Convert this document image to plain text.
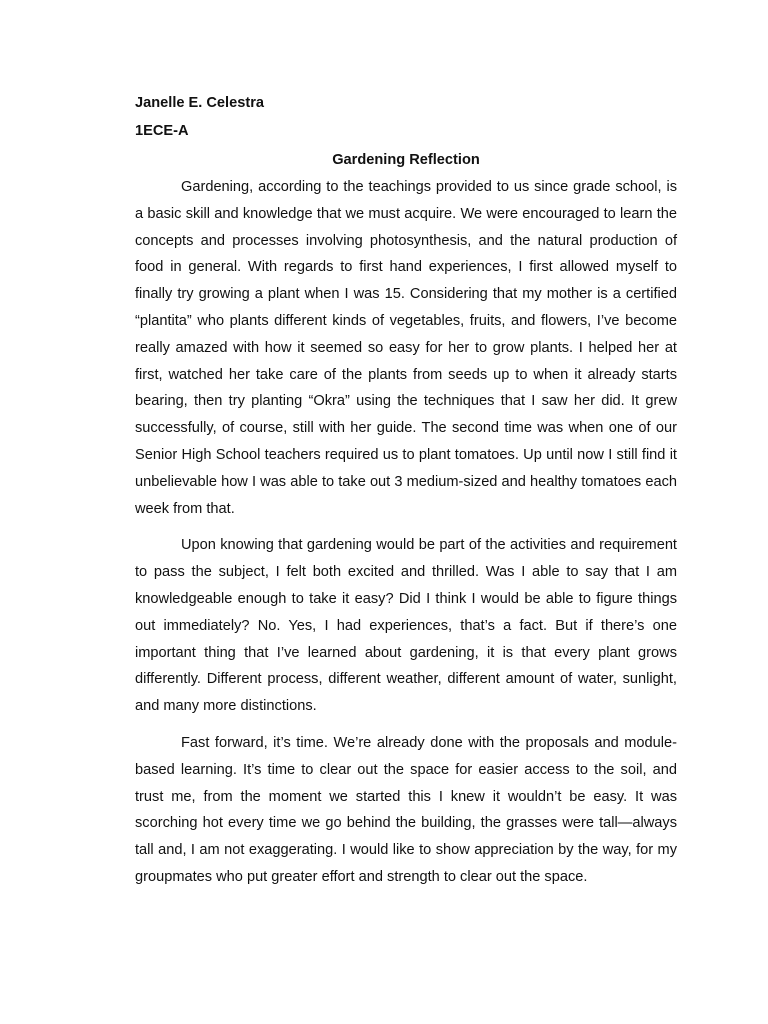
Janelle E. Celestra

1ECE-A

Gardening Reflection

Gardening, according to the teachings provided to us since grade school, is a basic skill and knowledge that we must acquire. We were encouraged to learn the concepts and processes involving photosynthesis, and the natural production of food in general. With regards to first hand experiences, I first allowed myself to finally try growing a plant when I was 15. Considering that my mother is a certified “plantita” who plants different kinds of vegetables, fruits, and flowers, I’ve become really amazed with how it seemed so easy for her to grow plants. I helped her at first, watched her take care of the plants from seeds up to when it already starts bearing, then try planting “Okra” using the techniques that I saw her did. It grew successfully, of course, still with her guide. The second time was when one of our Senior High School teachers required us to plant tomatoes. Up until now I still find it unbelievable how I was able to take out 3 medium-sized and healthy tomatoes each week from that.

Upon knowing that gardening would be part of the activities and requirement to pass the subject, I felt both excited and thrilled. Was I able to say that I am knowledgeable enough to take it easy? Did I think I would be able to figure things out immediately? No. Yes, I had experiences, that’s a fact. But if there’s one important thing that I’ve learned about gardening, it is that every plant grows differently. Different process, different weather, different amount of water, sunlight, and many more distinctions.

Fast forward, it’s time. We’re already done with the proposals and module-based learning. It’s time to clear out the space for easier access to the soil, and trust me, from the moment we started this I knew it wouldn’t be easy. It was scorching hot every time we go behind the building, the grasses were tall—always tall and, I am not exaggerating. I would like to show appreciation by the way, for my groupmates who put greater effort and strength to clear out the space.
